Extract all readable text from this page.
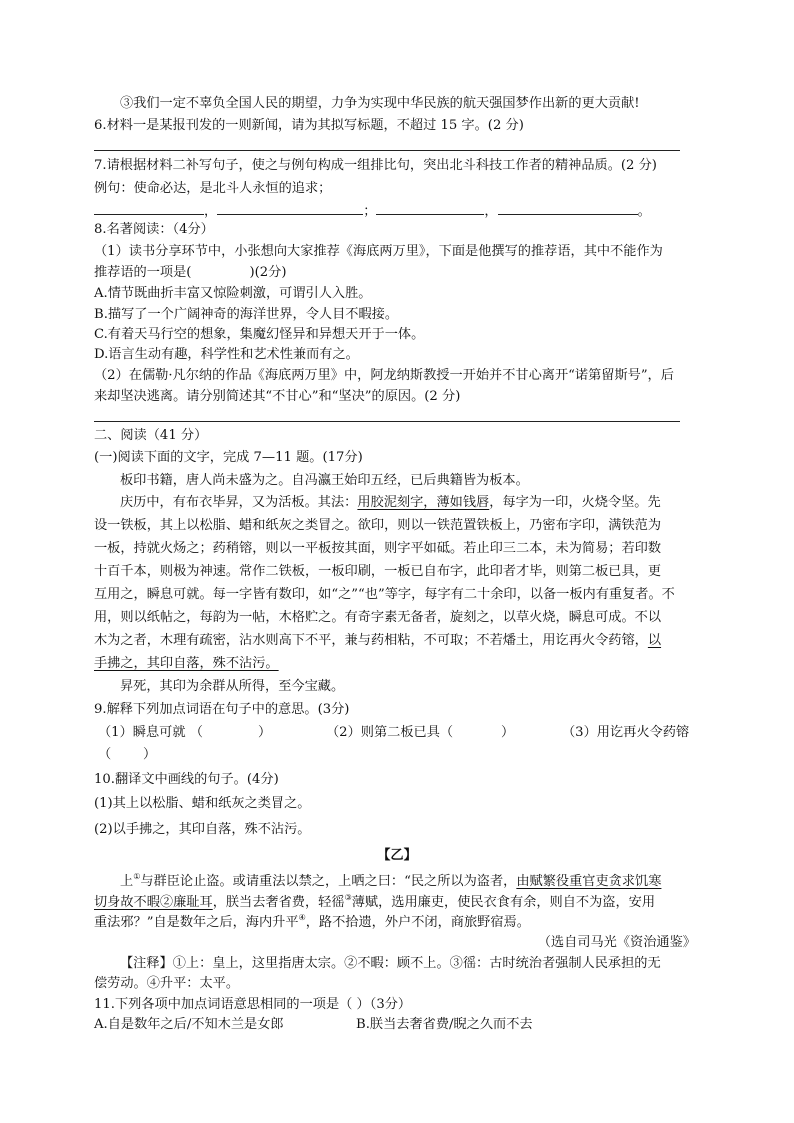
③我们一定不辜负全国人民的期望，力争为实现中华民族的航天强国梦作出新的更大贡献!
6.材料一是某报刊发的一则新闻，请为其拟写标题，不超过 15 字。(2 分)
7.请根据材料二补写句子，使之与例句构成一组排比句，突出北斗科技工作者的精神品质。(2 分)
例句：使命必达，是北斗人永恒的追求；
，	；	，	。
8.名著阅读：（4分）
（1）读书分享环节中，小张想向大家推荐《海底两万里》，下面是他撰写的推荐语，其中不能作为
推荐语的一项是(	)(2分)
A.情节既曲折丰富又惊险刺激，可谓引人入胜。
B.描写了一个广阔神奇的海洋世界，令人目不暇接。
C.有着天马行空的想象，集魔幻怪异和异想天开于一体。
D.语言生动有趣，科学性和艺术性兼而有之。
（2）在儒勒·凡尔纳的作品《海底两万里》中，阿龙纳斯教授一开始并不甘心离开“诺第留斯号”，后
来却坚决逃离。请分别简述其“不甘心”和“坚决”的原因。(2 分)
二、阅读（41 分）
(一)阅读下面的文字，完成 7—11 题。(17分)
板印书籍，唐人尚未盛为之。自冯瀛王始印五经，已后典籍皆为板本。
庆历中，有布衣毕昇，又为活板。其法：用胶泥刻字，薄如钱唇，每字为一印，火烧令坚。先
设一铁板，其上以松脂、蜡和纸灰之类冒之。欲印，则以一铁范置铁板上，乃密布字印，满铁范为
一板，持就火炀之；药稍镕，则以一平板按其面，则字平如砥。若止印三二本，未为简易；若印数
十百千本，则极为神速。常作二铁板，一板印刷，一板已自布字，此印者才毕，则第二板已具，更
互用之，瞬息可就。每一字皆有数印，如“之”“也”等字，每字有二十余印，以备一板内有重复者。不
用，则以纸帖之，每韵为一帖，木格贮之。有奇字素无备者，旋刻之，以草火烧，瞬息可成。不以
木为之者，木理有疏密，沾水则高下不平，兼与药相粘，不可取；不若燔土，用讫再火令药镕，以
手拂之，其印自落，殊不沾污。
昇死，其印为余群从所得，至今宝藏。
9.解释下列加点词语在句子中的意思。(3分)
（1）瞬息可就 （	）	（2）则第二板已具（	）	（3）用讫再火令药镕
（ ）
10.翻译文中画线的句子。(4分)
(1)其上以松脂、蜡和纸灰之类冒之。
(2)以手拂之，其印自落，殊不沾污。
【乙】
上①与群臣论止盗。或请重法以禁之，上哂之曰：“民之所以为盗者，由赋繁役重官吏贪求饥寒
切身故不暇②廉耻耳，朕当去奢省费，轻徭③薄赋，选用廉吏，使民衣食有余，则自不为盗，安用
重法邪？”自是数年之后，海内升平④，路不拾遗，外户不闭，商旅野宿焉。
（选自司马光《资治通鉴》
【注释】①上：皇上，这里指唐太宗。②不暇：顾不上。③徭：古时统治者强制人民承担的无
偿劳动。④升平：太平。
11.下列各项中加点词语意思相同的一项是（ ）（3分）
A.自是数年之后/不知木兰是女郎	B.朕当去奢省费/睨之久而不去
